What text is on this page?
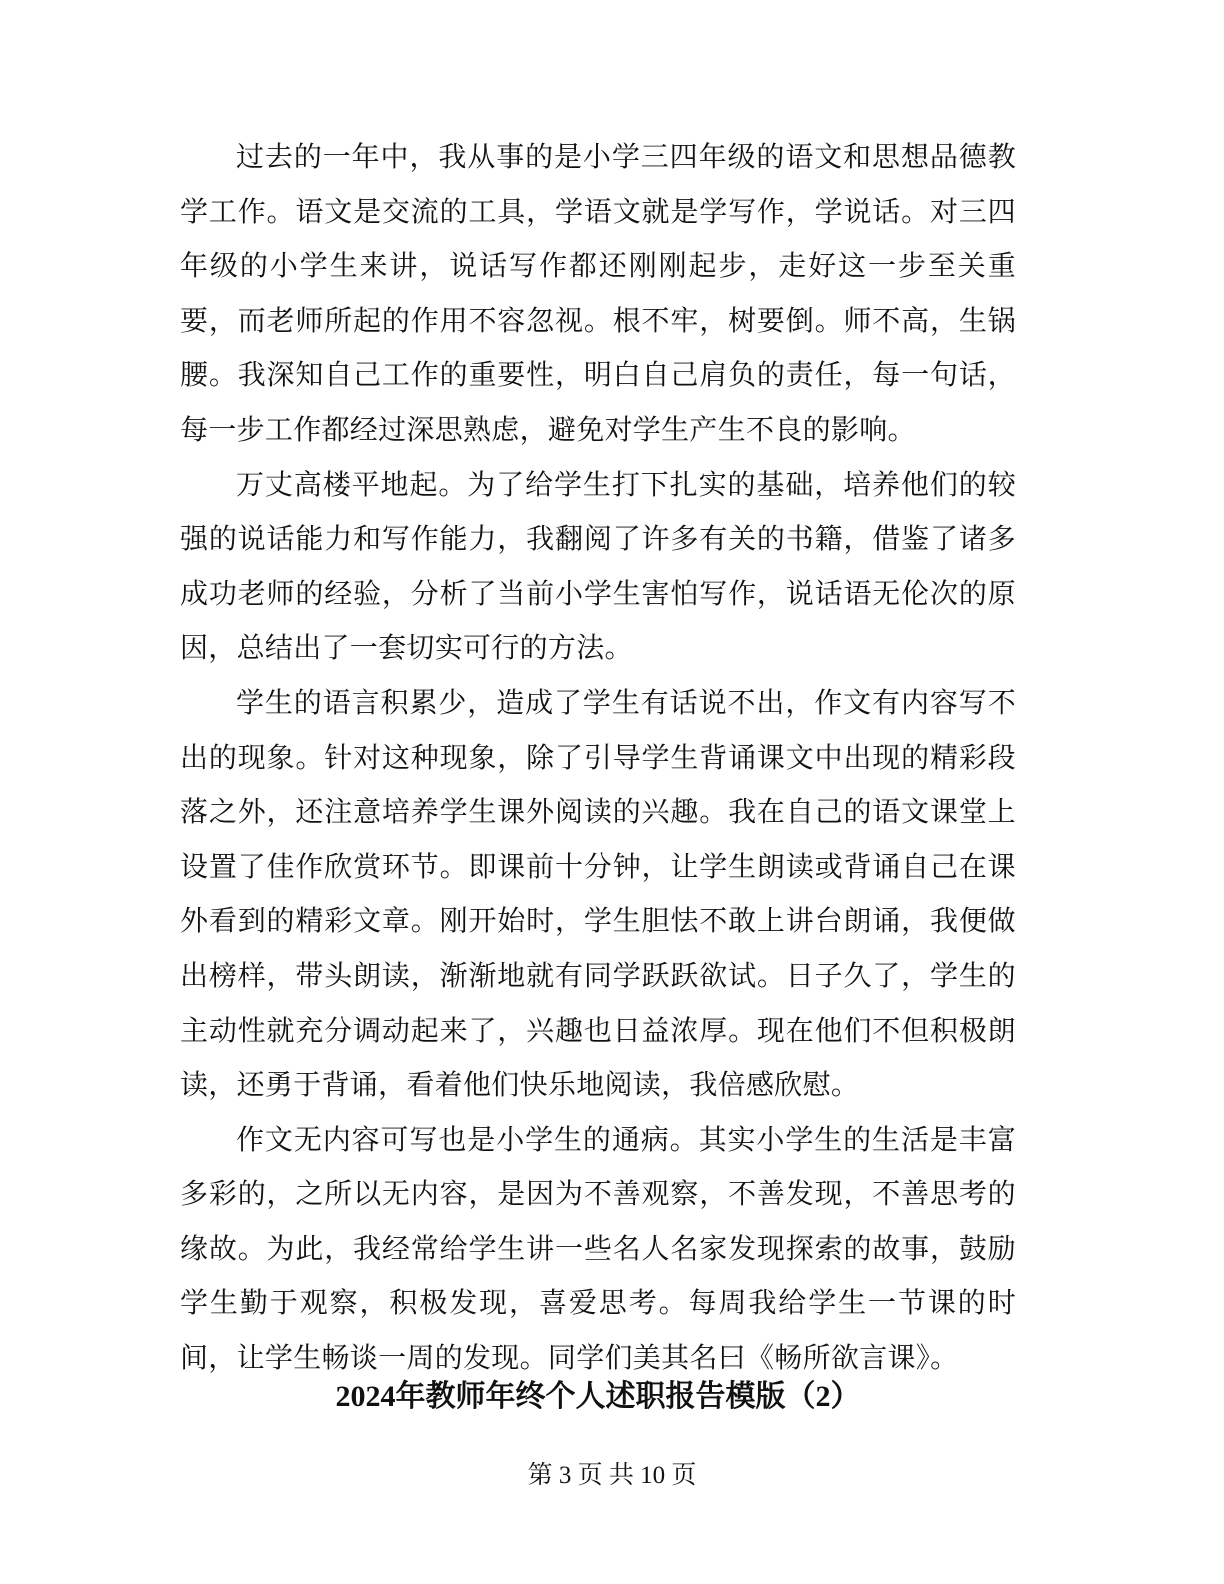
过去的一年中，我从事的是小学三四年级的语文和思想品德教学工作。语文是交流的工具，学语文就是学写作，学说话。对三四年级的小学生来讲，说话写作都还刚刚起步，走好这一步至关重要，而老师所起的作用不容忽视。根不牢，树要倒。师不高，生锅腰。我深知自己工作的重要性，明白自己肩负的责任，每一句话，每一步工作都经过深思熟虑，避免对学生产生不良的影响。

万丈高楼平地起。为了给学生打下扎实的基础，培养他们的较强的说话能力和写作能力，我翻阅了许多有关的书籍，借鉴了诸多成功老师的经验，分析了当前小学生害怕写作，说话语无伦次的原因，总结出了一套切实可行的方法。

学生的语言积累少，造成了学生有话说不出，作文有内容写不出的现象。针对这种现象，除了引导学生背诵课文中出现的精彩段落之外，还注意培养学生课外阅读的兴趣。我在自己的语文课堂上设置了佳作欣赏环节。即课前十分钟，让学生朗读或背诵自己在课外看到的精彩文章。刚开始时，学生胆怯不敢上讲台朗诵，我便做出榜样，带头朗读，渐渐地就有同学跃跃欲试。日子久了，学生的主动性就充分调动起来了，兴趣也日益浓厚。现在他们不但积极朗读，还勇于背诵，看着他们快乐地阅读，我倍感欣慰。

作文无内容可写也是小学生的通病。其实小学生的生活是丰富多彩的，之所以无内容，是因为不善观察，不善发现，不善思考的缘故。为此，我经常给学生讲一些名人名家发现探索的故事，鼓励学生勤于观察，积极发现，喜爱思考。每周我给学生一节课的时间，让学生畅谈一周的发现。同学们美其名曰《畅所欲言课》。

2024年教师年终个人述职报告模版（2）
第 3 页 共 10 页
